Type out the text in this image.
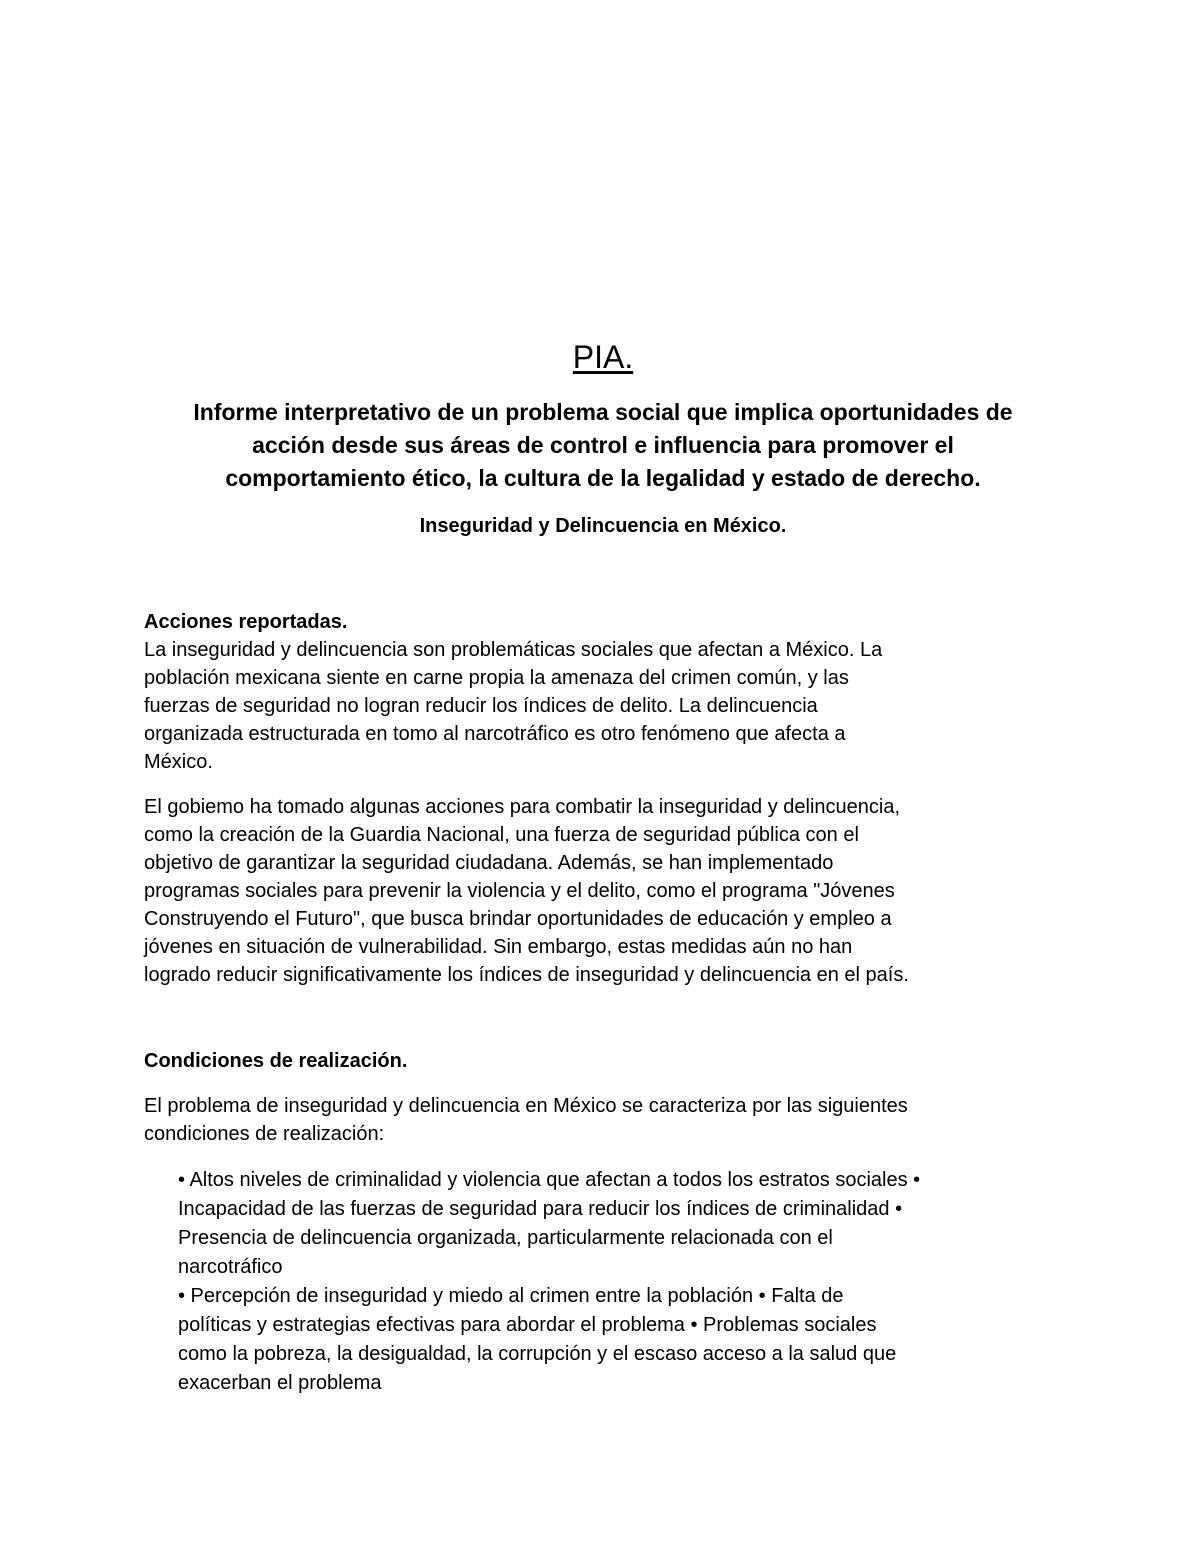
PIA.
Informe interpretativo de un problema social que implica oportunidades de
acción desde sus áreas de control e influencia para promover el
comportamiento ético, la cultura de la legalidad y estado de derecho.
Inseguridad y Delincuencia en México.
Acciones reportadas.
La inseguridad y delincuencia son problemáticas sociales que afectan a México. La
población mexicana siente en carne propia la amenaza del crimen común, y las
fuerzas de seguridad no logran reducir los índices de delito. La delincuencia
organizada estructurada en tomo al narcotráfico es otro fenómeno que afecta a
México.
El gobiemo ha tomado algunas acciones para combatir la inseguridad y delincuencia,
como la creación de la Guardia Nacional, una fuerza de seguridad pública con el
objetivo de garantizar la seguridad ciudadana. Además, se han implementado
programas sociales para prevenir la violencia y el delito, como el programa "Jóvenes
Construyendo el Futuro", que busca brindar oportunidades de educación y empleo a
jóvenes en situación de vulnerabilidad. Sin embargo, estas medidas aún no han
logrado reducir significativamente los índices de inseguridad y delincuencia en el país.
Condiciones de realización.
El problema de inseguridad y delincuencia en México se caracteriza por las siguientes
condiciones de realización:
• Altos niveles de criminalidad y violencia que afectan a todos los estratos sociales •
Incapacidad de las fuerzas de seguridad para reducir los índices de criminalidad •
Presencia de delincuencia organizada, particularmente relacionada con el
narcotráfico
• Percepción de inseguridad y miedo al crimen entre la población • Falta de
políticas y estrategias efectivas para abordar el problema • Problemas sociales
como la pobreza, la desigualdad, la corrupción y el escaso acceso a la salud que
exacerban el problema
